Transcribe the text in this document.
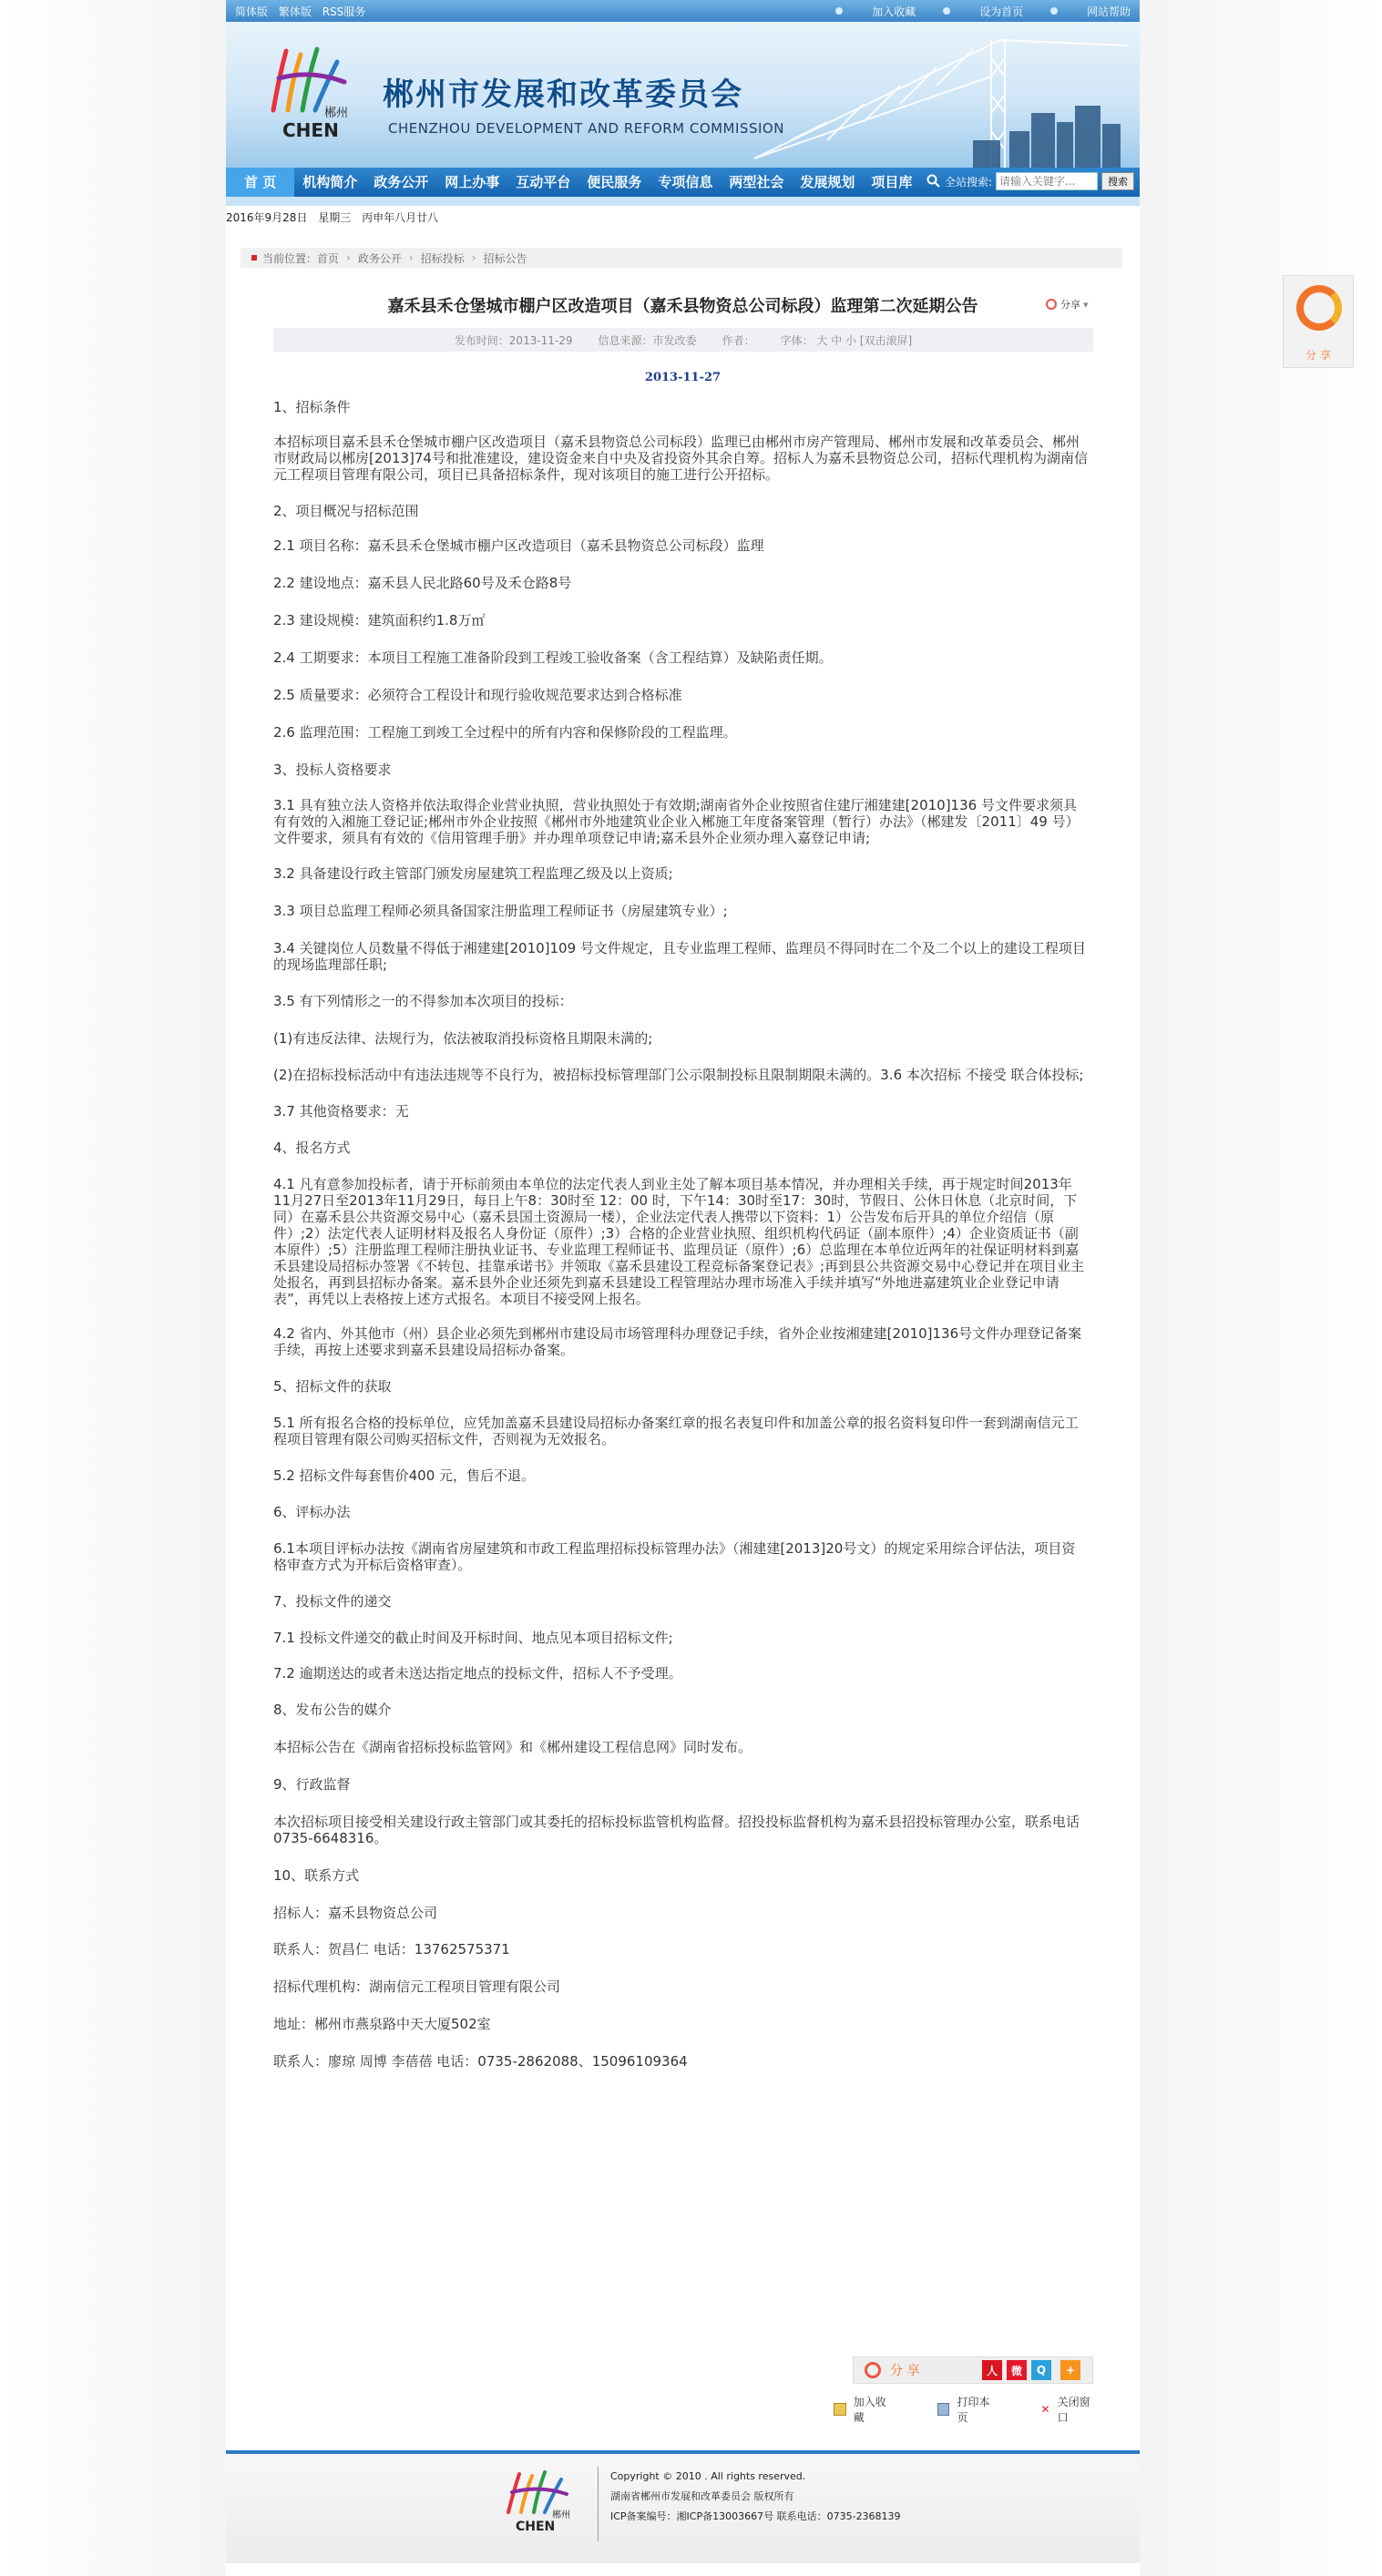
简体版 繁体版 RSS服务	加入收藏
	设为首页
	网站帮助
郴州
CHEN
郴州市发展和改革委员会
CHENZHOU DEVELOPMENT AND REFORM COMMISSION
首 页	机构简介	政务公开	网上办事	互动平台	便民服务	专项信息	两型社会	发展规划	项目库	全站搜索:
请输入关键字...	搜索
2016年9月28日 星期三 丙申年八月廿八
当前位置： 首页 › 政务公开 › 招标投标 › 招标公告
嘉禾县禾仓堡城市棚户区改造项目（嘉禾县物资总公司标段）监理第二次延期公告	分享 ▾
发布时间：2013-11-29 信息来源：市发改委 作者： 字体： 大 中 小 [双击滚屏]
2013-11-27

1、招标条件

本招标项目嘉禾县禾仓堡城市棚户区改造项目（嘉禾县物资总公司标段）监理已由郴州市房产管理局、郴州市发展和改革委员会、郴州市财政局以郴房[2013]74号和批准建设，建设资金来自中央及省投资外其余自筹。招标人为嘉禾县物资总公司，招标代理机构为湖南信元工程项目管理有限公司，项目已具备招标条件，现对该项目的施工进行公开招标。

2、项目概况与招标范围

2.1 项目名称：嘉禾县禾仓堡城市棚户区改造项目（嘉禾县物资总公司标段）监理

2.2 建设地点：嘉禾县人民北路60号及禾仓路8号

2.3 建设规模：建筑面积约1.8万㎡

2.4 工期要求：本项目工程施工准备阶段到工程竣工验收备案（含工程结算）及缺陷责任期。

2.5 质量要求：必须符合工程设计和现行验收规范要求达到合格标准

2.6 监理范围：工程施工到竣工全过程中的所有内容和保修阶段的工程监理。

3、投标人资格要求

3.1 具有独立法人资格并依法取得企业营业执照，营业执照处于有效期;湖南省外企业按照省住建厅湘建建[2010]136 号文件要求须具有有效的入湘施工登记证;郴州市外企业按照《郴州市外地建筑业企业入郴施工年度备案管理（暂行）办法》（郴建发〔2011〕49 号）文件要求，须具有有效的《信用管理手册》并办理单项登记申请;嘉禾县外企业须办理入嘉登记申请;

3.2 具备建设行政主管部门颁发房屋建筑工程监理乙级及以上资质;

3.3 项目总监理工程师必须具备国家注册监理工程师证书（房屋建筑专业）;

3.4 关键岗位人员数量不得低于湘建建[2010]109 号文件规定，且专业监理工程师、监理员不得同时在二个及二个以上的建设工程项目的现场监理部任职;

3.5 有下列情形之一的不得参加本次项目的投标：

(1)有违反法律、法规行为，依法被取消投标资格且期限未满的;

(2)在招标投标活动中有违法违规等不良行为，被招标投标管理部门公示限制投标且限制期限未满的。3.6 本次招标 不接受 联合体投标;

3.7 其他资格要求：无

4、报名方式

4.1 凡有意参加投标者，请于开标前须由本单位的法定代表人到业主处了解本项目基本情况，并办理相关手续，再于规定时间2013年11月27日至2013年11月29日，每日上午8：30时至 12：00 时，下午14：30时至17：30时，节假日、公休日休息（北京时间，下同）在嘉禾县公共资源交易中心（嘉禾县国土资源局一楼），企业法定代表人携带以下资料：1）公告发布后开具的单位介绍信（原件）;2）法定代表人证明材料及报名人身份证（原件）;3）合格的企业营业执照、组织机构代码证（副本原件）;4）企业资质证书（副本原件）;5）注册监理工程师注册执业证书、专业监理工程师证书、监理员证（原件）;6）总监理在本单位近两年的社保证明材料到嘉禾县建设局招标办签署《不转包、挂靠承诺书》并领取《嘉禾县建设工程竞标备案登记表》;再到县公共资源交易中心登记并在项目业主处报名，再到县招标办备案。嘉禾县外企业还须先到嘉禾县建设工程管理站办理市场准入手续并填写“外地进嘉建筑业企业登记申请表”，再凭以上表格按上述方式报名。本项目不接受网上报名。

4.2 省内、外其他市（州）县企业必须先到郴州市建设局市场管理科办理登记手续，省外企业按湘建建[2010]136号文件办理登记备案手续，再按上述要求到嘉禾县建设局招标办备案。

5、招标文件的获取

5.1 所有报名合格的投标单位，应凭加盖嘉禾县建设局招标办备案红章的报名表复印件和加盖公章的报名资料复印件一套到湖南信元工程项目管理有限公司购买招标文件，否则视为无效报名。

5.2 招标文件每套售价400 元，售后不退。

6、评标办法

6.1本项目评标办法按《湖南省房屋建筑和市政工程监理招标投标管理办法》（湘建建[2013]20号文）的规定采用综合评估法，项目资格审查方式为开标后资格审查）。

7、投标文件的递交

7.1 投标文件递交的截止时间及开标时间、地点见本项目招标文件;

7.2 逾期送达的或者未送达指定地点的投标文件，招标人不予受理。

8、发布公告的媒介

本招标公告在《湖南省招标投标监管网》和《郴州建设工程信息网》同时发布。

9、行政监督

本次招标项目接受相关建设行政主管部门或其委托的招标投标监管机构监督。招投投标监督机构为嘉禾县招投标管理办公室，联系电话0735-6648316。

10、联系方式

招标人：嘉禾县物资总公司

联系人：贺昌仁 电话：13762575371

招标代理机构：湖南信元工程项目管理有限公司

地址：郴州市燕泉路中天大厦502室

联系人：廖琼 周博 李蓓蓓 电话：0735-2862088、15096109364

分 享	人	微	Q	+
加入收藏
打印本页
✕
关闭窗口
郴州
CHEN
Copyright © 2010 . All rights reserved.
湖南省郴州市发展和改革委员会 版权所有
ICP备案编号：湘ICP备13003667号 联系电话：0735-2368139
分 享
